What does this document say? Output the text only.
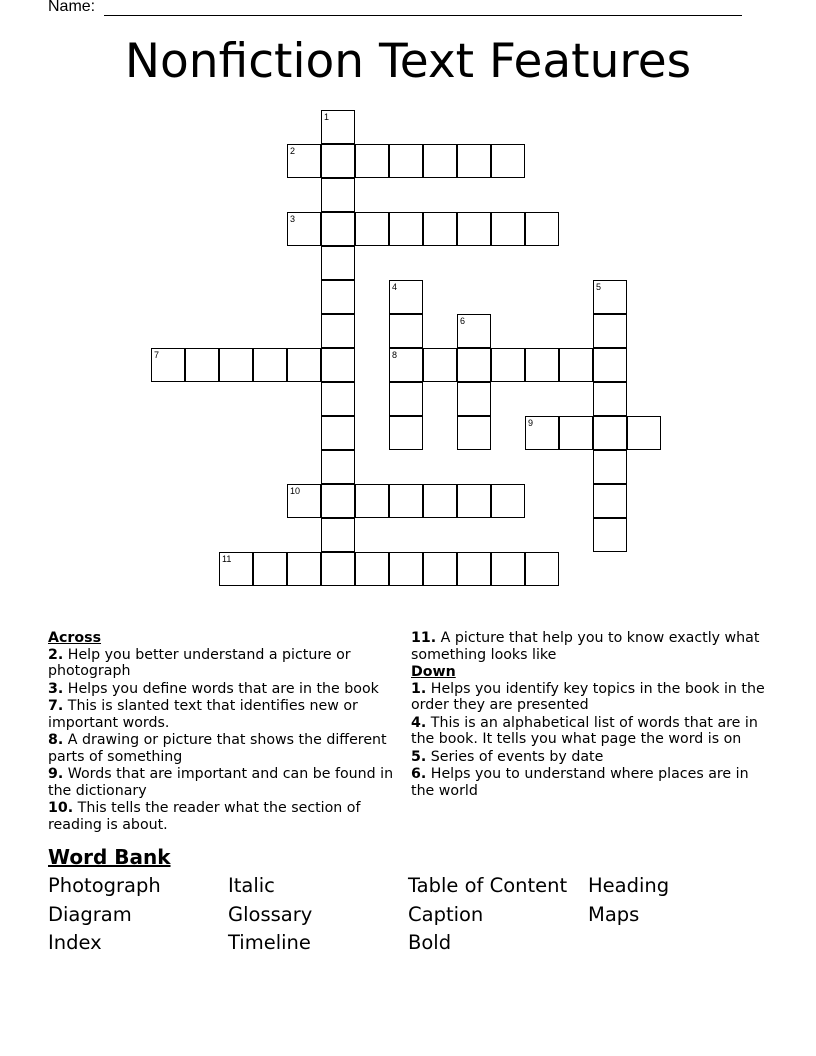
Name:
Nonfiction Text Features
1
2
3
4
8
5
6
7
9
10
11
Across
2. Help you better understand a picture or photograph
3. Helps you define words that are in the book
7. This is slanted text that identifies new or important words.
8. A drawing or picture that shows the different parts of something
9. Words that are important and can be found in the dictionary
10. This tells the reader what the section of reading is about.
11. A picture that help you to know exactly what something looks like
Down
1. Helps you identify key topics in the book in the order they are presented
4. This is an alphabetical list of words that are in the book. It tells you what page the word is on
5. Series of events by date
6. Helps you to understand where places are in the world
Word Bank
Photograph	Italic	Table of Content	Heading
Diagram	Glossary	Caption	Maps
Index	Timeline	Bold
